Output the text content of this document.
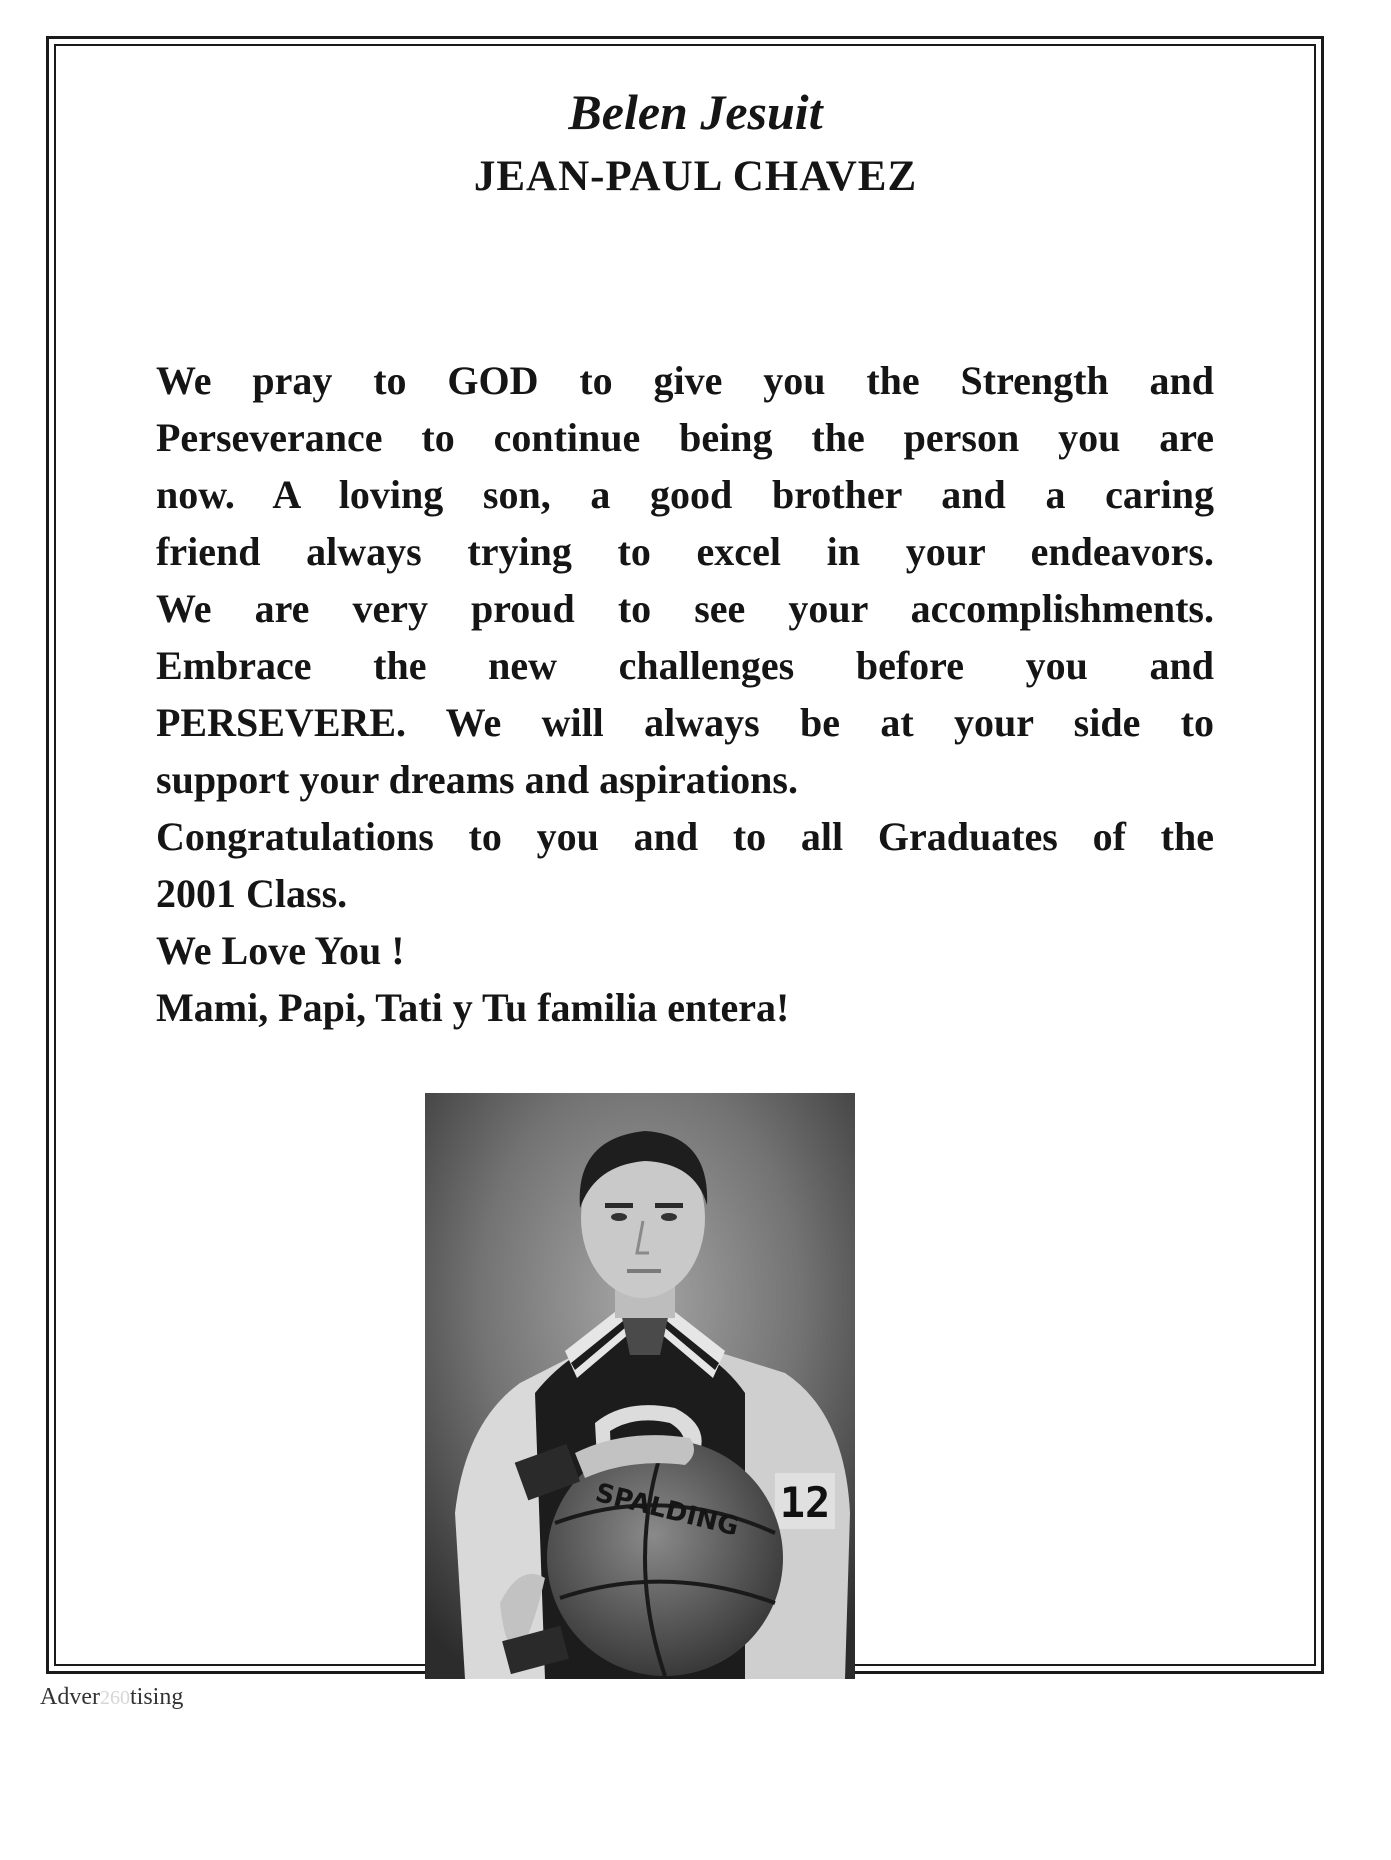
Belen Jesuit
JEAN-PAUL CHAVEZ
We pray to GOD to give you the Strength and
Perseverance to continue being the person you are
now. A loving son, a good brother and a caring
friend always trying to excel in your endeavors.
We are very proud to see your accomplishments.
Embrace the new challenges before you and
PERSEVERE. We will always be at your side to
support your dreams and aspirations.
Congratulations to you and to all Graduates of the
2001 Class.
We Love You !
Mami, Papi, Tati y Tu familia entera!
12
SPALDING
Adver260tising
